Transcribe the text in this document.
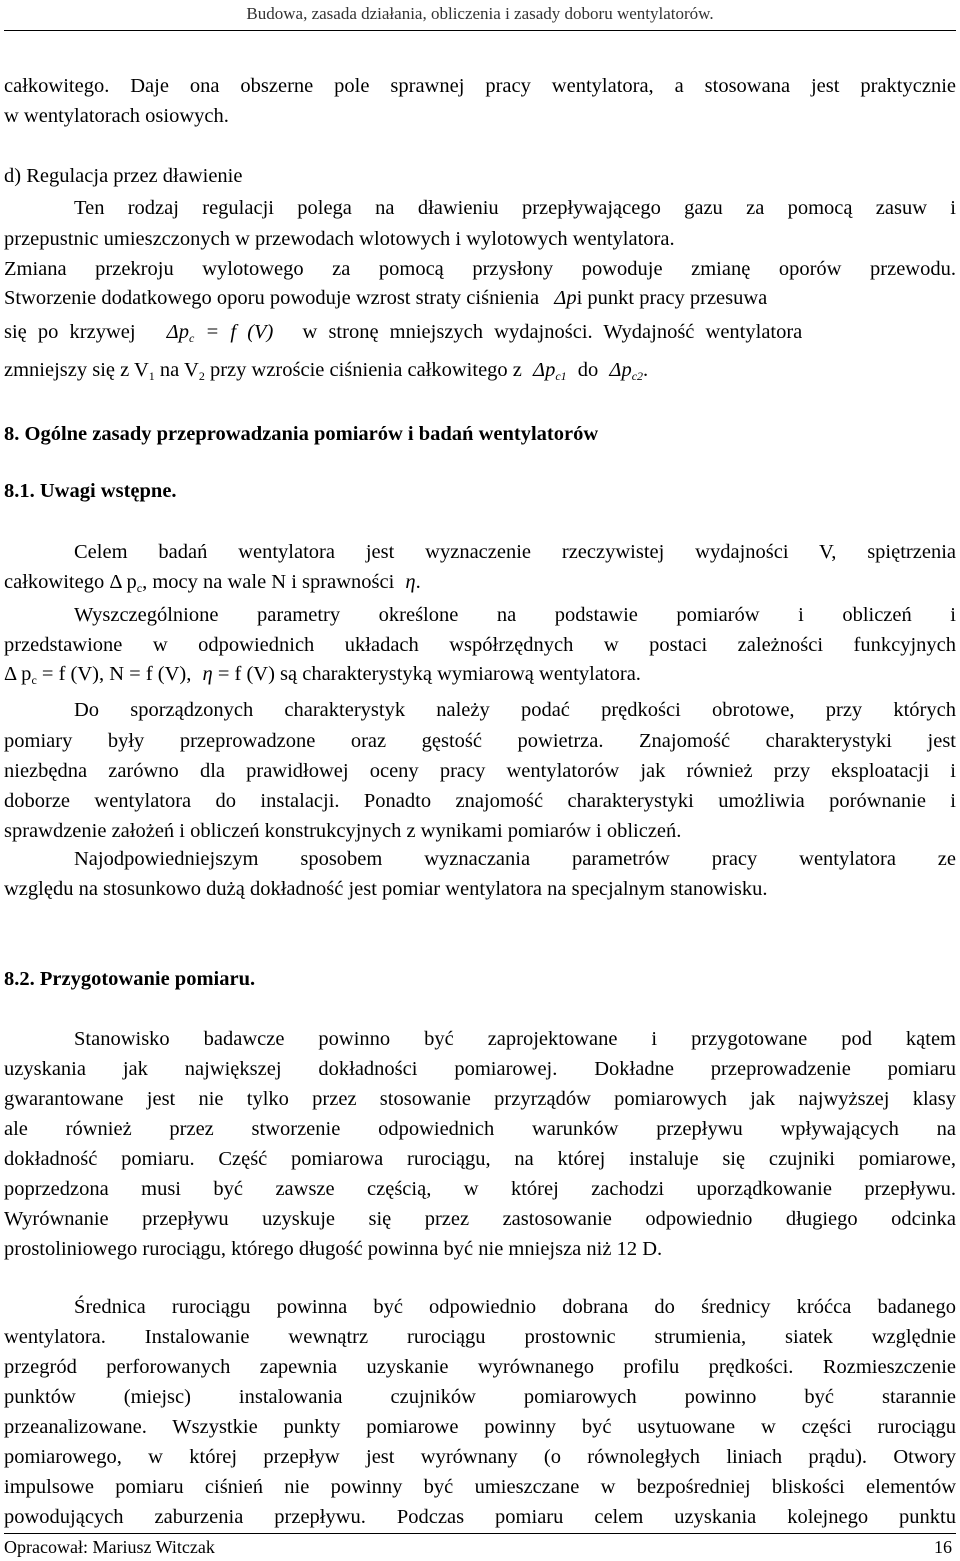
Budowa, zasada działania, obliczenia i zasady doboru wentylatorów.
całkowitego. Daje ona obszerne pole sprawnej pracy wentylatora, a stosowana jest praktycznie
w wentylatorach osiowych.
d) Regulacja przez dławienie
Ten rodzaj regulacji polega na dławieniu przepływającego gazu za pomocą zasuw i
przepustnic umieszczonych w przewodach wlotowych i wylotowych wentylatora.
Zmiana przekroju wylotowego za pomocą przysłony powoduje zmianę oporów przewodu.
Stworzenie dodatkowego oporu powoduje wzrost straty ciśnienia Δpi punkt pracy przesuwa
się po krzywej $\Delta p_c = f$ (V) w stronę mniejszych wydajności. Wydajność wentylatora
zmniejszy się z $V_1$ na $V_2$ przy wzroście ciśnienia całkowitego z $\Delta p_{c1}$ do $\Delta p_{c2}$.
8. Ogólne zasady przeprowadzania pomiarów i badań wentylatorów
8.1. Uwagi wstępne.
Celem badań wentylatora jest wyznaczenie rzeczywistej wydajności V, spiętrzenia
całkowitego Δ $p_c$, mocy na wale N i sprawności η.
Wyszczególnione parametry określone na podstawie pomiarów i obliczeń i
przedstawione w odpowiednich układach współrzędnych w postaci zależności funkcyjnych
Δ $p_c = f$ (V), N = f (V), η = f (V) są charakterystyką wymiarową wentylatora.
Do sporządzonych charakterystyk należy podać prędkości obrotowe, przy których
pomiary były przeprowadzone oraz gęstość powietrza. Znajomość charakterystyki jest
niezbędna zarówno dla prawidłowej oceny pracy wentylatorów jak również przy eksploatacji i
doborze wentylatora do instalacji. Ponadto znajomość charakterystyki umożliwia porównanie i
sprawdzenie założeń i obliczeń konstrukcyjnych z wynikami pomiarów i obliczeń.
Najodpowiedniejszym sposobem wyznaczania parametrów pracy wentylatora ze
względu na stosunkowo dużą dokładność jest pomiar wentylatora na specjalnym stanowisku.
8.2. Przygotowanie pomiaru.
Stanowisko badawcze powinno być zaprojektowane i przygotowane pod kątem
uzyskania jak największej dokładności pomiarowej. Dokładne przeprowadzenie pomiaru
gwarantowane jest nie tylko przez stosowanie przyrządów pomiarowych jak najwyższej klasy
ale również przez stworzenie odpowiednich warunków przepływu wpływających na
dokładność pomiaru. Część pomiarowa rurociągu, na której instaluje się czujniki pomiarowe,
poprzedzona musi być zawsze częścią, w której zachodzi uporządkowanie przepływu.
Wyrównanie przepływu uzyskuje się przez zastosowanie odpowiednio długiego odcinka
prostoliniowego rurociągu, którego długość powinna być nie mniejsza niż 12 D.
Średnica rurociągu powinna być odpowiednio dobrana do średnicy króćca badanego
wentylatora. Instalowanie wewnątrz rurociągu prostownic strumienia, siatek względnie
przegród perforowanych zapewnia uzyskanie wyrównanego profilu prędkości. Rozmieszczenie
punktów (miejsc) instalowania czujników pomiarowych powinno być starannie
przeanalizowane. Wszystkie punkty pomiarowe powinny być usytuowane w części rurociągu
pomiarowego, w której przepływ jest wyrównany (o równoległych liniach prądu). Otwory
impulsowe pomiaru ciśnień nie powinny być umieszczane w bezpośredniej bliskości elementów
powodujących zaburzenia przepływu. Podczas pomiaru celem uzyskania kolejnego punktu
Opracował: Mariusz Witczak	16
